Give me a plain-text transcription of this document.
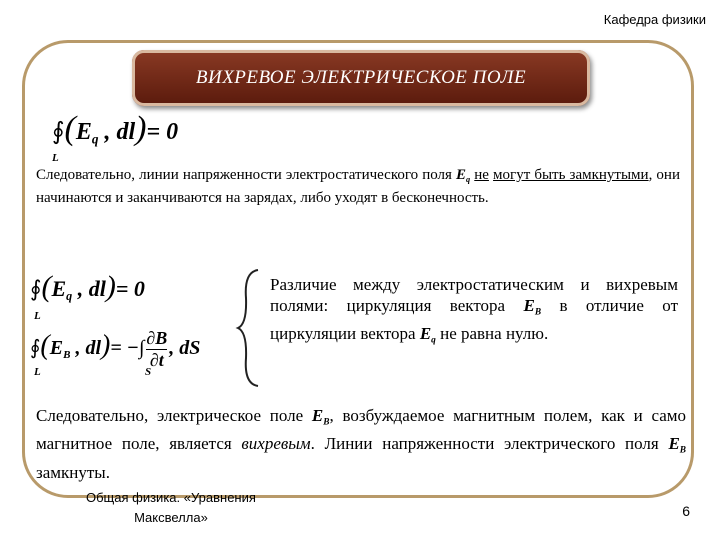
Кафедра физики
ВИХРЕВОЕ ЭЛЕКТРИЧЕСКОЕ ПОЛЕ
$∮(E_q$ , dl)= 0
L
Следовательно, линии напряженности электростатического поля $E_q$ не могут быть замкнутыми, они начинаются и заканчиваются на зарядах, либо уходят в бесконечность.
$∮(E_q$ , dl)= 0
L
$∮(E_B$ , dl)= −∫ $\frac{\partial B}{\partial t}$ , dS
L	S
Различие между электростатическим и вихревым полями: циркуляция вектора $E_B$ в отличие от циркуляции вектора $E_q$ не равна нулю.
Следовательно, электрическое поле $E_B$, возбуждаемое магнитным полем, как и само магнитное поле, является вихревым. Линии напряженности электрического поля $E_B$ замкнуты.
Общая физика. «Уравнения
Максвелла»	6
